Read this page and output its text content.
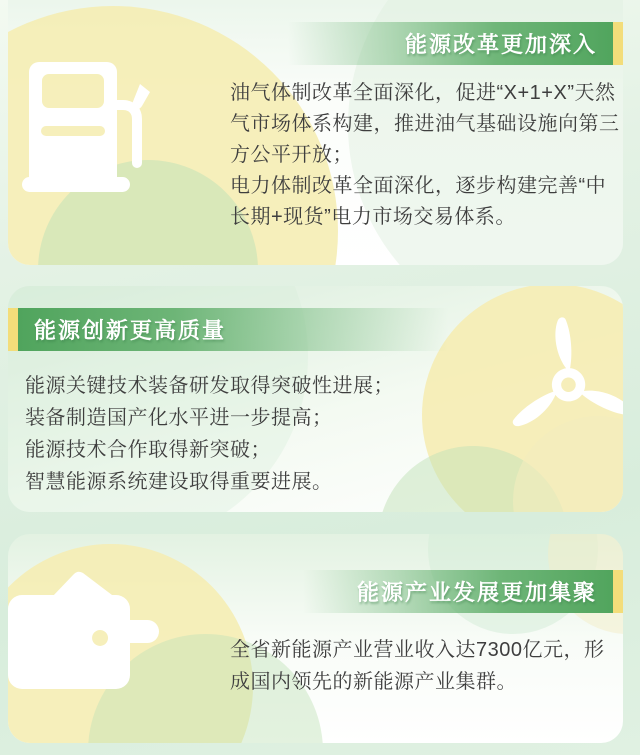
能源改革更加深入

油气体制改革全面深化，促进“X+1+X”天然气市场体系构建，推进油气基础设施向第三方公平开放；

电力体制改革全面深化，逐步构建完善“中长期+现货”电力市场交易体系。

能源创新更高质量
能源关键技术装备研发取得突破性进展；
装备制造国产化水平进一步提高；
能源技术合作取得新突破；
智慧能源系统建设取得重要进展。
能源产业发展更加集聚

全省新能源产业营业收入达7300亿元，形成国内领先的新能源产业集群。
